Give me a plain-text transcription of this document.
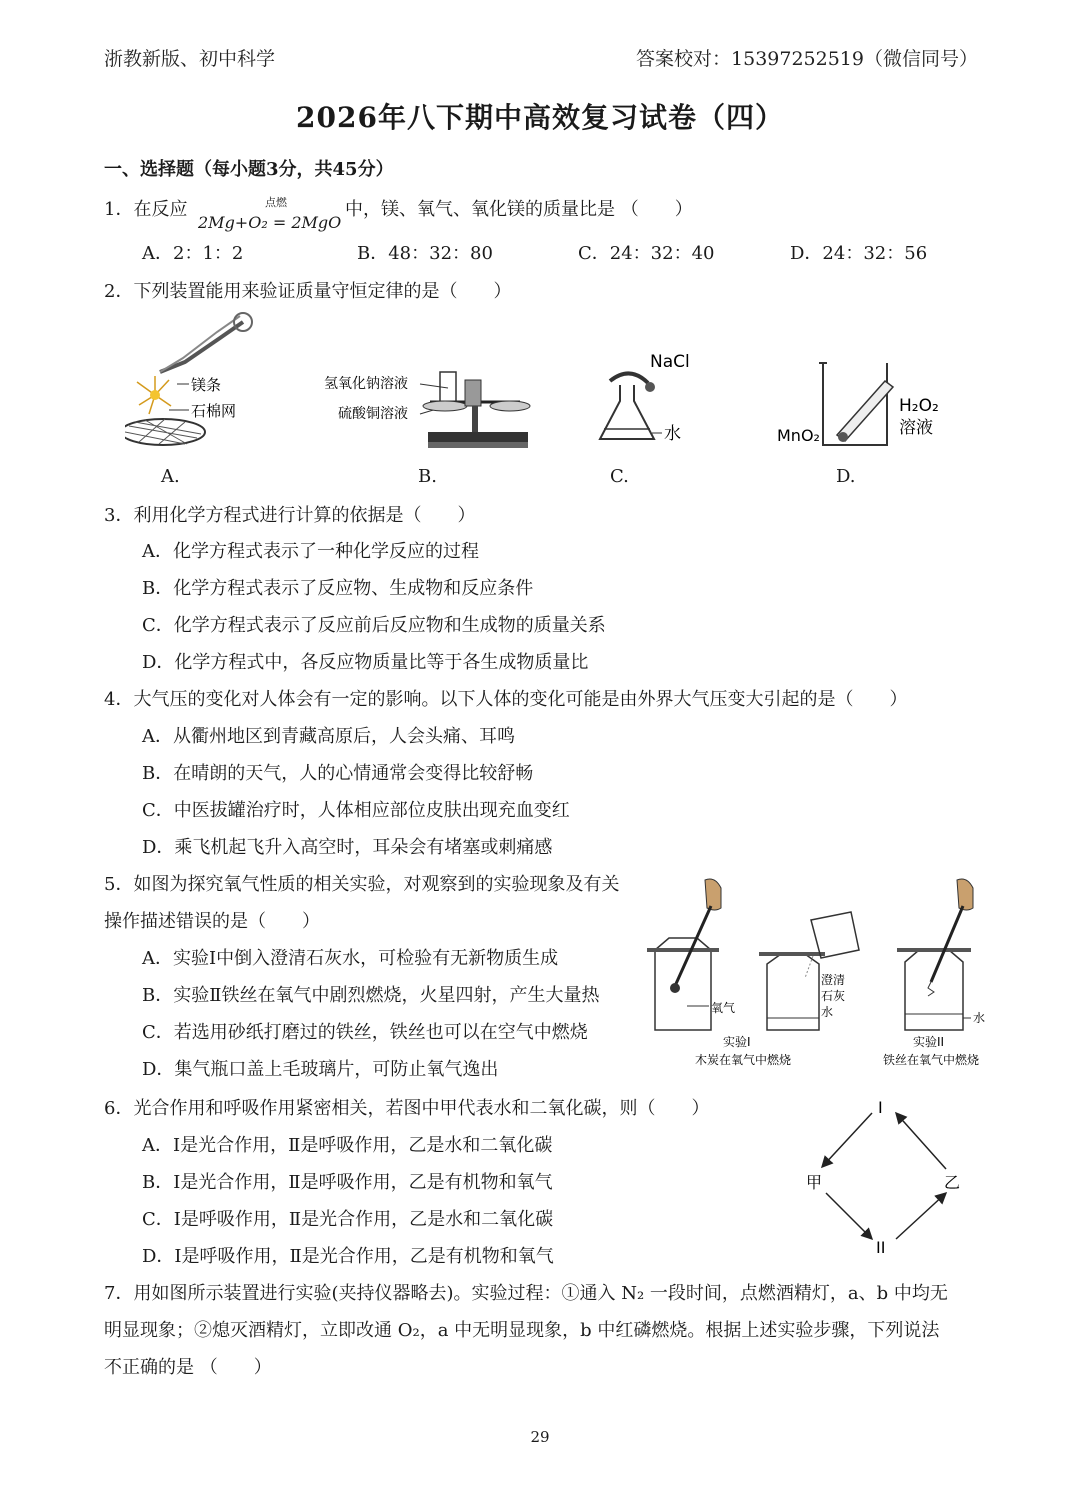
浙教新版、初中科学	答案校对：15397252519（微信同号）
2026年八下期中高效复习试卷（四）
一、选择题（每小题3分，共45分）
1．在反应	点燃
2Mg+O₂ = 2MgO
中，镁、氧气、氧化镁的质量比是 （　　）
A．2：1：2	B．48：32：80	C．24：32：40	D．24：32：56
2．下列装置能用来验证质量守恒定律的是（　　）
镁条
石棉网
氢氧化钠溶液
硫酸铜溶液
NaCl
水
H₂O₂
溶液
MnO₂
A.	B.	C.	D.
3．利用化学方程式进行计算的依据是（　　）
A．化学方程式表示了一种化学反应的过程
B．化学方程式表示了反应物、生成物和反应条件
C．化学方程式表示了反应前后反应物和生成物的质量关系
D．化学方程式中，各反应物质量比等于各生成物质量比
4．大气压的变化对人体会有一定的影响。以下人体的变化可能是由外界大气压变大引起的是（　　）
A．从衢州地区到青藏高原后，人会头痛、耳鸣
B．在晴朗的天气，人的心情通常会变得比较舒畅
C．中医拔罐治疗时，人体相应部位皮肤出现充血变红
D．乘飞机起飞升入高空时，耳朵会有堵塞或刺痛感
5．如图为探究氧气性质的相关实验，对观察到的实验现象及有关
操作描述错误的是（　　）
A．实验Ⅰ中倒入澄清石灰水，可检验有无新物质生成
B．实验Ⅱ铁丝在氧气中剧烈燃烧，火星四射，产生大量热
C．若选用砂纸打磨过的铁丝，铁丝也可以在空气中燃烧
D．集气瓶口盖上毛玻璃片，可防止氧气逸出
氧气
澄清
石灰
水	水
实验I
木炭在氧气中燃烧
实验II
铁丝在氧气中燃烧
6．光合作用和呼吸作用紧密相关，若图中甲代表水和二氧化碳，则（　　）
A．Ⅰ是光合作用，Ⅱ是呼吸作用，乙是水和二氧化碳
B．Ⅰ是光合作用，Ⅱ是呼吸作用，乙是有机物和氧气
C．Ⅰ是呼吸作用，Ⅱ是光合作用，乙是水和二氧化碳
D．Ⅰ是呼吸作用，Ⅱ是光合作用，乙是有机物和氧气
I
甲	乙
II
7．用如图所示装置进行实验(夹持仪器略去)。实验过程：①通入 N₂ 一段时间，点燃酒精灯，a、b 中均无
明显现象；②熄灭酒精灯，立即改通 O₂，a 中无明显现象，b 中红磷燃烧。根据上述实验步骤，下列说法
不正确的是 （　　）
29
